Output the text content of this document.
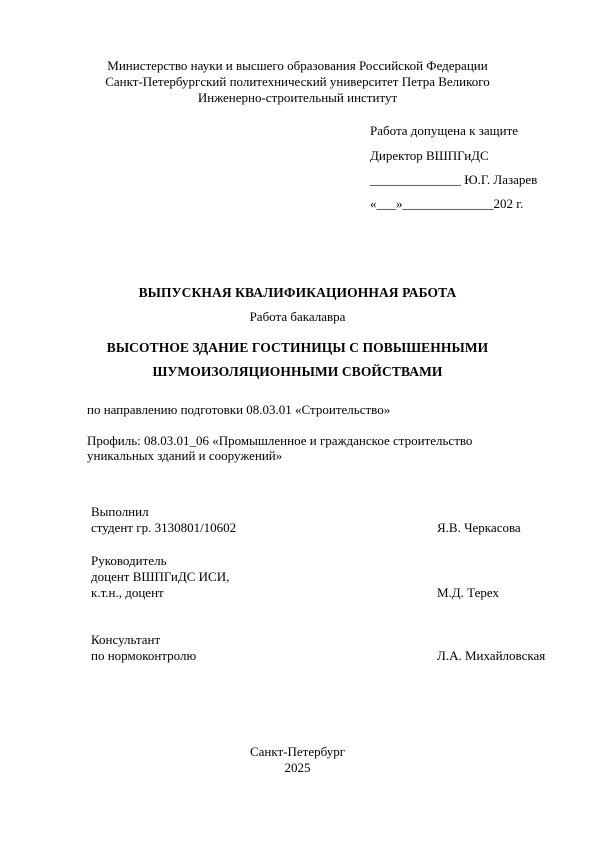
Министерство науки и высшего образования Российской Федерации
Санкт-Петербургский политехнический университет Петра Великого
Инженерно-строительный институт
Работа допущена к защите
Директор ВШПГиДС
______________ Ю.Г. Лазарев
«___»______________202 г.
ВЫПУСКНАЯ КВАЛИФИКАЦИОННАЯ РАБОТА
Работа бакалавра
ВЫСОТНОЕ ЗДАНИЕ ГОСТИНИЦЫ С ПОВЫШЕННЫМИ
ШУМОИЗОЛЯЦИОННЫМИ СВОЙСТВАМИ
по направлению подготовки 08.03.01 «Строительство»
Профиль: 08.03.01_06 «Промышленное и гражданское строительство
уникальных зданий и сооружений»
Выполнил
студент гр. 3130801/10602	Я.В. Черкасова
Руководитель
доцент ВШПГиДС ИСИ,
к.т.н., доцент	М.Д. Терех
Консультант
по нормоконтролю	Л.А. Михайловская
Санкт-Петербург
2025
